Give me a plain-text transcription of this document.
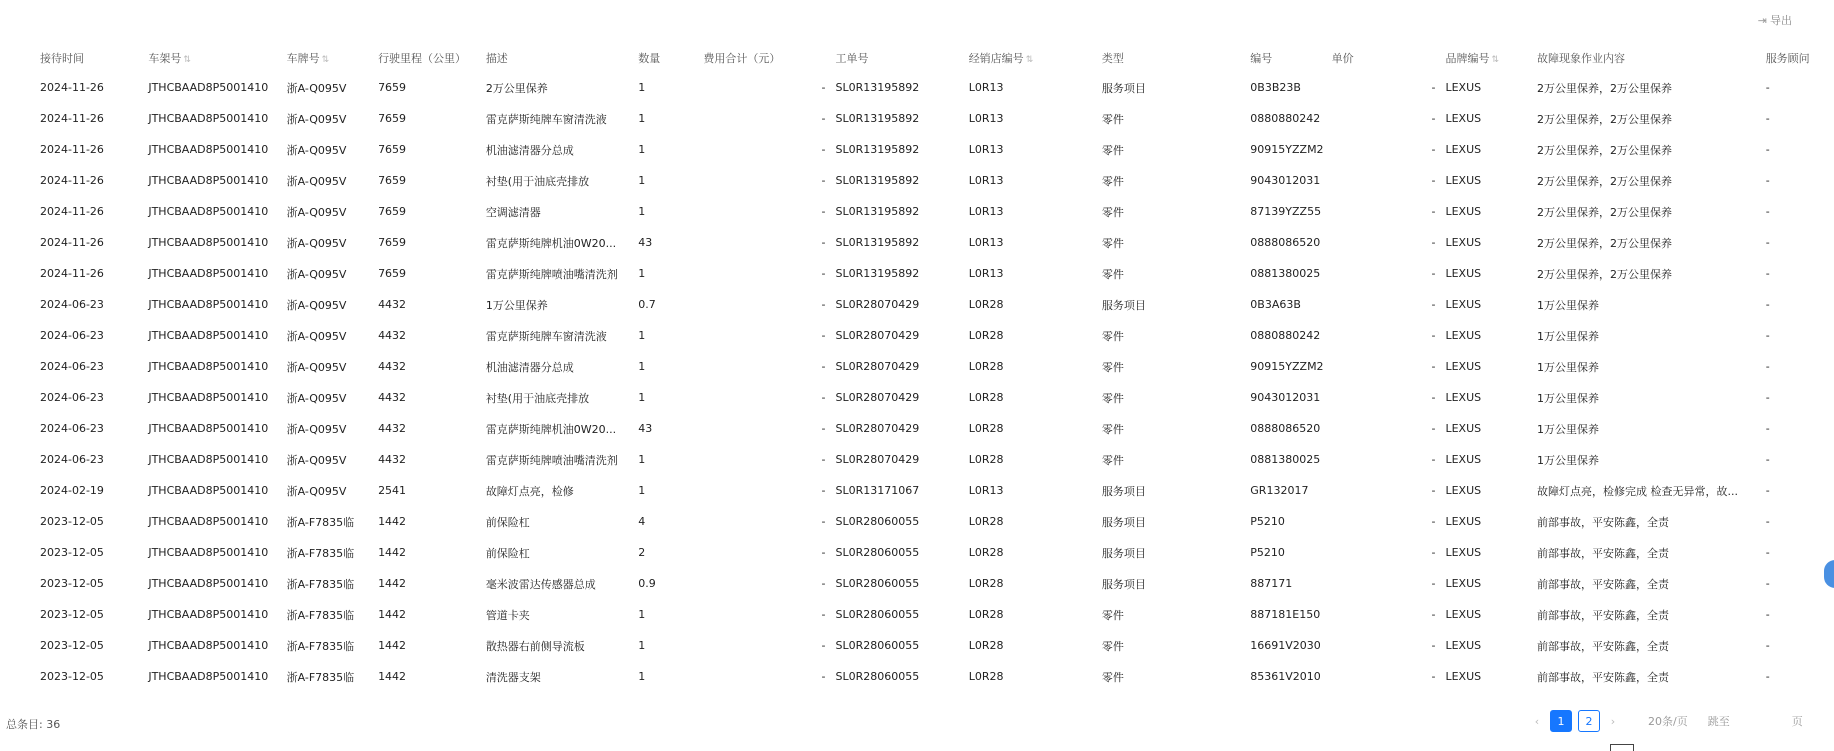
⇥ 导出
接待时间	车架号 ⇅	车牌号 ⇅	行驶里程（公里）	描述	数量	费用合计（元）	工单号	经销店编号 ⇅	类型	编号	单价	品牌编号 ⇅	故障现象作业内容	服务顾问
2024-11-26	JTHCBAAD8P5001410	浙A-Q095V	7659	2万公里保养	1	-	SL0R13195892	L0R13	服务项目	0B3B23B	-	LEXUS	2万公里保养，2万公里保养	-
2024-11-26	JTHCBAAD8P5001410	浙A-Q095V	7659	雷克萨斯纯牌车窗清洗液	1	-	SL0R13195892	L0R13	零件	0880880242	-	LEXUS	2万公里保养，2万公里保养	-
2024-11-26	JTHCBAAD8P5001410	浙A-Q095V	7659	机油滤清器分总成	1	-	SL0R13195892	L0R13	零件	90915YZZM2	-	LEXUS	2万公里保养，2万公里保养	-
2024-11-26	JTHCBAAD8P5001410	浙A-Q095V	7659	衬垫(用于油底壳排放	1	-	SL0R13195892	L0R13	零件	9043012031	-	LEXUS	2万公里保养，2万公里保养	-
2024-11-26	JTHCBAAD8P5001410	浙A-Q095V	7659	空调滤清器	1	-	SL0R13195892	L0R13	零件	87139YZZ55	-	LEXUS	2万公里保养，2万公里保养	-
2024-11-26	JTHCBAAD8P5001410	浙A-Q095V	7659	雷克萨斯纯牌机油0W20...	43	-	SL0R13195892	L0R13	零件	0888086520	-	LEXUS	2万公里保养，2万公里保养	-
2024-11-26	JTHCBAAD8P5001410	浙A-Q095V	7659	雷克萨斯纯牌喷油嘴清洗剂	1	-	SL0R13195892	L0R13	零件	0881380025	-	LEXUS	2万公里保养，2万公里保养	-
2024-06-23	JTHCBAAD8P5001410	浙A-Q095V	4432	1万公里保养	0.7	-	SL0R28070429	L0R28	服务项目	0B3A63B	-	LEXUS	1万公里保养	-
2024-06-23	JTHCBAAD8P5001410	浙A-Q095V	4432	雷克萨斯纯牌车窗清洗液	1	-	SL0R28070429	L0R28	零件	0880880242	-	LEXUS	1万公里保养	-
2024-06-23	JTHCBAAD8P5001410	浙A-Q095V	4432	机油滤清器分总成	1	-	SL0R28070429	L0R28	零件	90915YZZM2	-	LEXUS	1万公里保养	-
2024-06-23	JTHCBAAD8P5001410	浙A-Q095V	4432	衬垫(用于油底壳排放	1	-	SL0R28070429	L0R28	零件	9043012031	-	LEXUS	1万公里保养	-
2024-06-23	JTHCBAAD8P5001410	浙A-Q095V	4432	雷克萨斯纯牌机油0W20...	43	-	SL0R28070429	L0R28	零件	0888086520	-	LEXUS	1万公里保养	-
2024-06-23	JTHCBAAD8P5001410	浙A-Q095V	4432	雷克萨斯纯牌喷油嘴清洗剂	1	-	SL0R28070429	L0R28	零件	0881380025	-	LEXUS	1万公里保养	-
2024-02-19	JTHCBAAD8P5001410	浙A-Q095V	2541	故障灯点亮，检修	1	-	SL0R13171067	L0R13	服务项目	GR132017	-	LEXUS	故障灯点亮，检修完成 检查无异常，故...	-
2023-12-05	JTHCBAAD8P5001410	浙A-F7835临	1442	前保险杠	4	-	SL0R28060055	L0R28	服务项目	P5210	-	LEXUS	前部事故，平安陈鑫，全责	-
2023-12-05	JTHCBAAD8P5001410	浙A-F7835临	1442	前保险杠	2	-	SL0R28060055	L0R28	服务项目	P5210	-	LEXUS	前部事故，平安陈鑫，全责	-
2023-12-05	JTHCBAAD8P5001410	浙A-F7835临	1442	毫米波雷达传感器总成	0.9	-	SL0R28060055	L0R28	服务项目	887171	-	LEXUS	前部事故，平安陈鑫，全责	-
2023-12-05	JTHCBAAD8P5001410	浙A-F7835临	1442	管道卡夹	1	-	SL0R28060055	L0R28	零件	887181E150	-	LEXUS	前部事故，平安陈鑫，全责	-
2023-12-05	JTHCBAAD8P5001410	浙A-F7835临	1442	散热器右前侧导流板	1	-	SL0R28060055	L0R28	零件	16691V2030	-	LEXUS	前部事故，平安陈鑫，全责	-
2023-12-05	JTHCBAAD8P5001410	浙A-F7835临	1442	清洗器支架	1	-	SL0R28060055	L0R28	零件	85361V2010	-	LEXUS	前部事故，平安陈鑫，全责	-
总条目: 36	‹	1	2	›	20条/页 跳至	页
